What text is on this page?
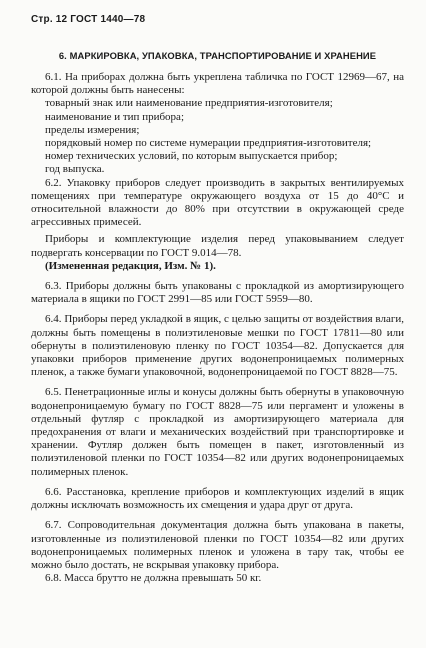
Стр. 12 ГОСТ 1440—78
6. МАРКИРОВКА, УПАКОВКА, ТРАНСПОРТИРОВАНИЕ И ХРАНЕНИЕ

6.1. На приборах должна быть укреплена табличка по ГОСТ 12969—67, на которой должны быть нанесены:

товарный знак или наименование предприятия-изготовителя;

наименование и тип прибора;

пределы измерения;

порядковый номер по системе нумерации предприятия-изготовителя;

номер технических условий, по которым выпускается прибор;

год выпуска.

6.2. Упаковку приборов следует производить в закрытых вентилируемых помещениях при температуре окружающего воздуха от 15 до 40°С и относительной влажности до 80% при отсутствии в окружающей среде агрессивных примесей.

Приборы и комплектующие изделия перед упаковыванием следует подвергать консервации по ГОСТ 9.014—78.

(Измененная редакция, Изм. № 1).

6.3. Приборы должны быть упакованы с прокладкой из амортизирующего материала в ящики по ГОСТ 2991—85 или ГОСТ 5959—80.

6.4. Приборы перед укладкой в ящик, с целью защиты от воздействия влаги, должны быть помещены в полиэтиленовые мешки по ГОСТ 17811—80 или обернуты в полиэтиленовую пленку по ГОСТ 10354—82. Допускается для упаковки приборов применение других водонепроницаемых полимерных пленок, а также бумаги упаковочной, водонепроницаемой по ГОСТ 8828—75.

6.5. Пенетрационные иглы и конусы должны быть обернуты в упаковочную водонепроницаемую бумагу по ГОСТ 8828—75 или пергамент и уложены в отдельный футляр с прокладкой из амортизирующего материала для предохранения от влаги и механических воздействий при транспортировке и хранении. Футляр должен быть помещен в пакет, изготовленный из полиэтиленовой пленки по ГОСТ 10354—82 или других водонепроницаемых полимерных пленок.

6.6. Расстановка, крепление приборов и комплектующих изделий в ящик должны исключать возможность их смещения и удара друг от друга.

6.7. Сопроводительная документация должна быть упакована в пакеты, изготовленные из полиэтиленовой пленки по ГОСТ 10354—82 или других водонепроницаемых полимерных пленок и уложена в тару так, чтобы ее можно было достать, не вскрывая упаковку прибора.

6.8. Масса брутто не должна превышать 50 кг.
